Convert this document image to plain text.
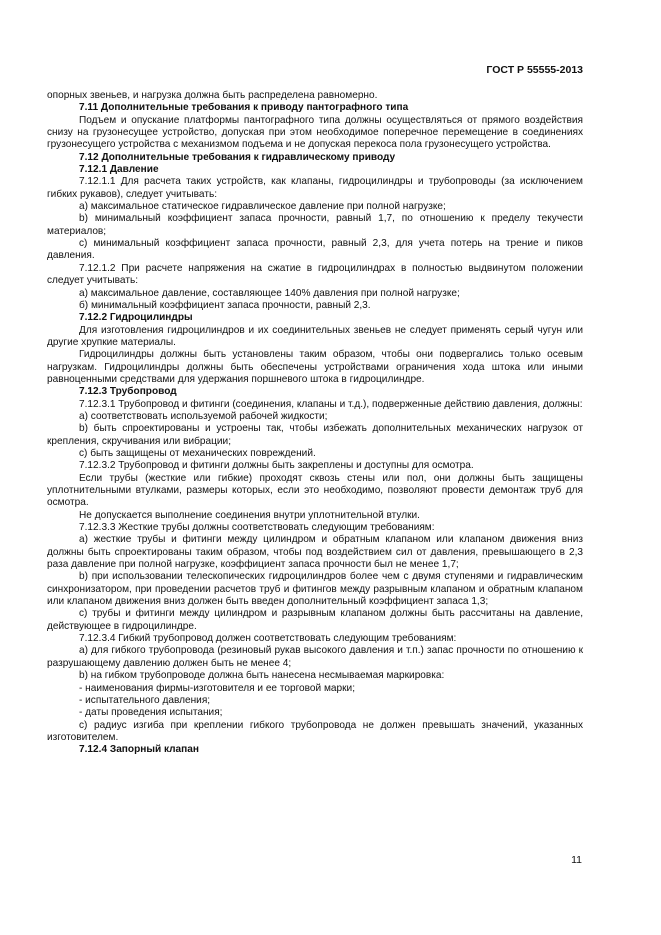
ГОСТ Р 55555-2013

опорных звеньев, и нагрузка должна быть распределена равномерно.

7.11 Дополнительные требования к приводу пантографного типа

Подъем и опускание платформы пантографного типа должны осуществляться от прямого воздействия снизу на грузонесущее устройство, допуская при этом необходимое поперечное перемещение в соединениях грузонесущего устройства с механизмом подъема и не допуская перекоса пола грузонесущего устройства.

7.12 Дополнительные требования к гидравлическому приводу

7.12.1 Давление

7.12.1.1 Для расчета таких устройств, как клапаны, гидроцилиндры и трубопроводы (за исключением гибких рукавов), следует учитывать:

а) максимальное статическое гидравлическое давление при полной нагрузке;

b) минимальный коэффициент запаса прочности, равный 1,7, по отношению к пределу текучести материалов;

c) минимальный коэффициент запаса прочности, равный 2,3, для учета потерь на трение и пиков давления.

7.12.1.2 При расчете напряжения на сжатие в гидроцилиндрах в полностью выдвинутом положении следует учитывать:

а) максимальное давление, составляющее 140% давления при полной нагрузке;

б) минимальный коэффициент запаса прочности, равный 2,3.

7.12.2 Гидроцилиндры

Для изготовления гидроцилиндров и их соединительных звеньев не следует применять серый чугун или другие хрупкие материалы.

Гидроцилиндры должны быть установлены таким образом, чтобы они подвергались только осевым нагрузкам. Гидроцилиндры должны быть обеспечены устройствами ограничения хода штока или иными равноценными средствами для удержания поршневого штока в гидроцилиндре.

7.12.3 Трубопровод

7.12.3.1 Трубопровод и фитинги (соединения, клапаны и т.д.), подверженные действию давления, должны:

а) соответствовать используемой рабочей жидкости;

b) быть спроектированы и устроены так, чтобы избежать дополнительных механических нагрузок от крепления, скручивания или вибрации;

c) быть защищены от механических повреждений.

7.12.3.2 Трубопровод и фитинги должны быть закреплены и доступны для осмотра.

Если трубы (жесткие или гибкие) проходят сквозь стены или пол, они должны быть защищены уплотнительными втулками, размеры которых, если это необходимо, позволяют провести демонтаж труб для осмотра.

Не допускается выполнение соединения внутри уплотнительной втулки.

7.12.3.3 Жесткие трубы должны соответствовать следующим требованиям:

а) жесткие трубы и фитинги между цилиндром и обратным клапаном или клапаном движения вниз должны быть спроектированы таким образом, чтобы под воздействием сил от давления, превышающего в 2,3 раза давление при полной нагрузке, коэффициент запаса прочности был не менее 1,7;

b) при использовании телескопических гидроцилиндров более чем с двумя ступенями и гидравлическим синхронизатором, при проведении расчетов труб и фитингов между разрывным клапаном и обратным клапаном или клапаном движения вниз должен быть введен дополнительный коэффициент запаса 1,3;

c) трубы и фитинги между цилиндром и разрывным клапаном должны быть рассчитаны на давление, действующее в гидроцилиндре.

7.12.3.4 Гибкий трубопровод должен соответствовать следующим требованиям:

а) для гибкого трубопровода (резиновый рукав высокого давления и т.п.) запас прочности по отношению к разрушающему давлению должен быть не менее 4;

b) на гибком трубопроводе должна быть нанесена несмываемая маркировка:

- наименования фирмы-изготовителя и ее торговой марки;

- испытательного давления;

- даты проведения испытания;

c) радиус изгиба при креплении гибкого трубопровода не должен превышать значений, указанных изготовителем.

7.12.4 Запорный клапан

11
